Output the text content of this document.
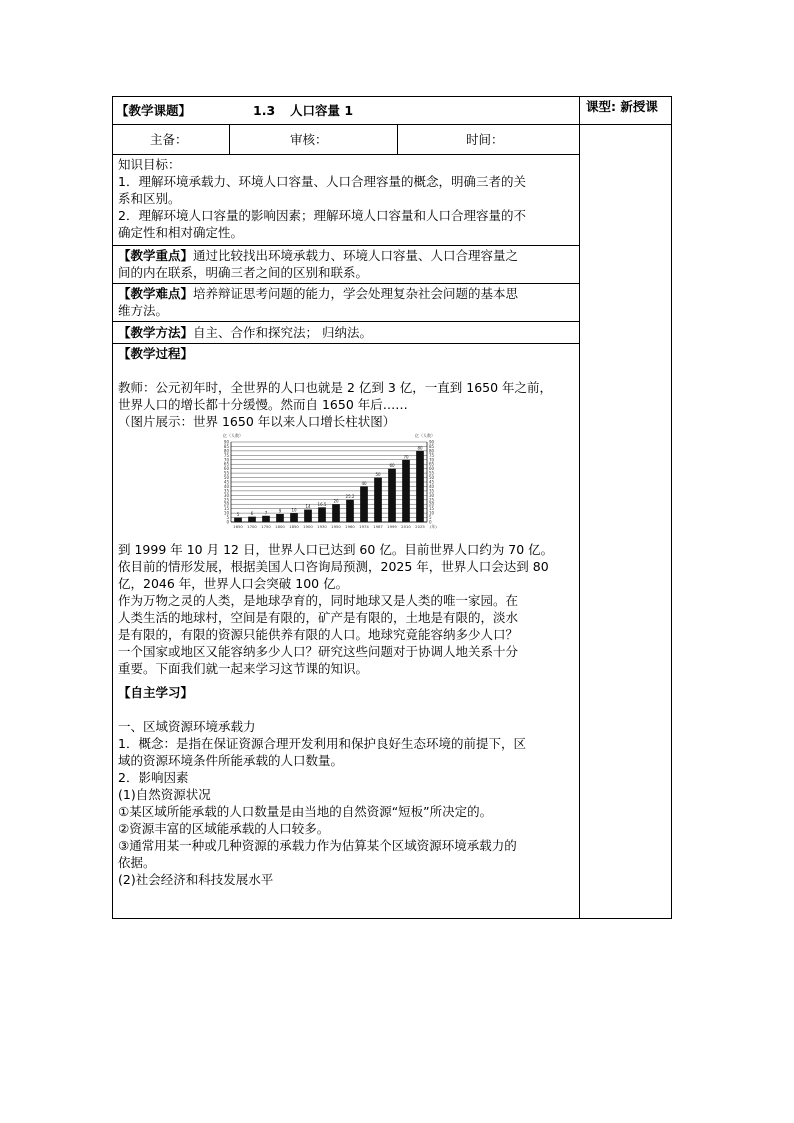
【教学课题】	1.3 人口容量 1	课型: 新授课
主备：	审核：	时间：
知识目标：
1．理解环境承载力、环境人口容量、人口合理容量的概念，明确三者的关
系和区别。
2．理解环境人口容量的影响因素；理解环境人口容量和人口合理容量的不
确定性和相对确定性。
【教学重点】通过比较找出环境承载力、环境人口容量、人口合理容量之
间的内在联系，明确三者之间的区别和联系。
【教学难点】培养辩证思考问题的能力，学会处理复杂社会问题的基本思
维方法。
【教学方法】自主、合作和探究法； 归纳法。
【教学过程】
教师：公元初年时，全世界的人口也就是 2 亿到 3 亿，一直到 1650 年之前，
世界人口的增长都十分缓慢。然而自 1650 年后……
（图片展示：世界 1650 年以来人口增长柱状图）
0	0
5	5
10	10
15	15
20	20
25	25
30	30
35	35
40	40
45	45
50	50
55	55
60	60
65	65
70	70
75	75
80	80
85	85
90	90
亿（人数）	亿（人数）
5
1650
6
1700
7
1750
9
1800
10
1850
14
1900
16.5
1930
20
1950
25.2
1960
40
1974
50
1987
60
1999
70
2010
80
2025 (年)
到 1999 年 10 月 12 日，世界人口已达到 60 亿。目前世界人口约为 70 亿。
依目前的情形发展，根据美国人口咨询局预测，2025 年，世界人口会达到 80
亿，2046 年，世界人口会突破 100 亿。
作为万物之灵的人类，是地球孕育的，同时地球又是人类的唯一家园。在
人类生活的地球村，空间是有限的，矿产是有限的，土地是有限的，淡水
是有限的，有限的资源只能供养有限的人口。地球究竟能容纳多少人口？
一个国家或地区又能容纳多少人口？研究这些问题对于协调人地关系十分
重要。下面我们就一起来学习这节课的知识。
【自主学习】
一、区域资源环境承载力
1．概念：是指在保证资源合理开发利用和保护良好生态环境的前提下，区
域的资源环境条件所能承载的人口数量。
2．影响因素
(1)自然资源状况
①某区域所能承载的人口数量是由当地的自然资源“短板”所决定的。
②资源丰富的区域能承载的人口较多。
③通常用某一种或几种资源的承载力作为估算某个区域资源环境承载力的
依据。
(2)社会经济和科技发展水平
